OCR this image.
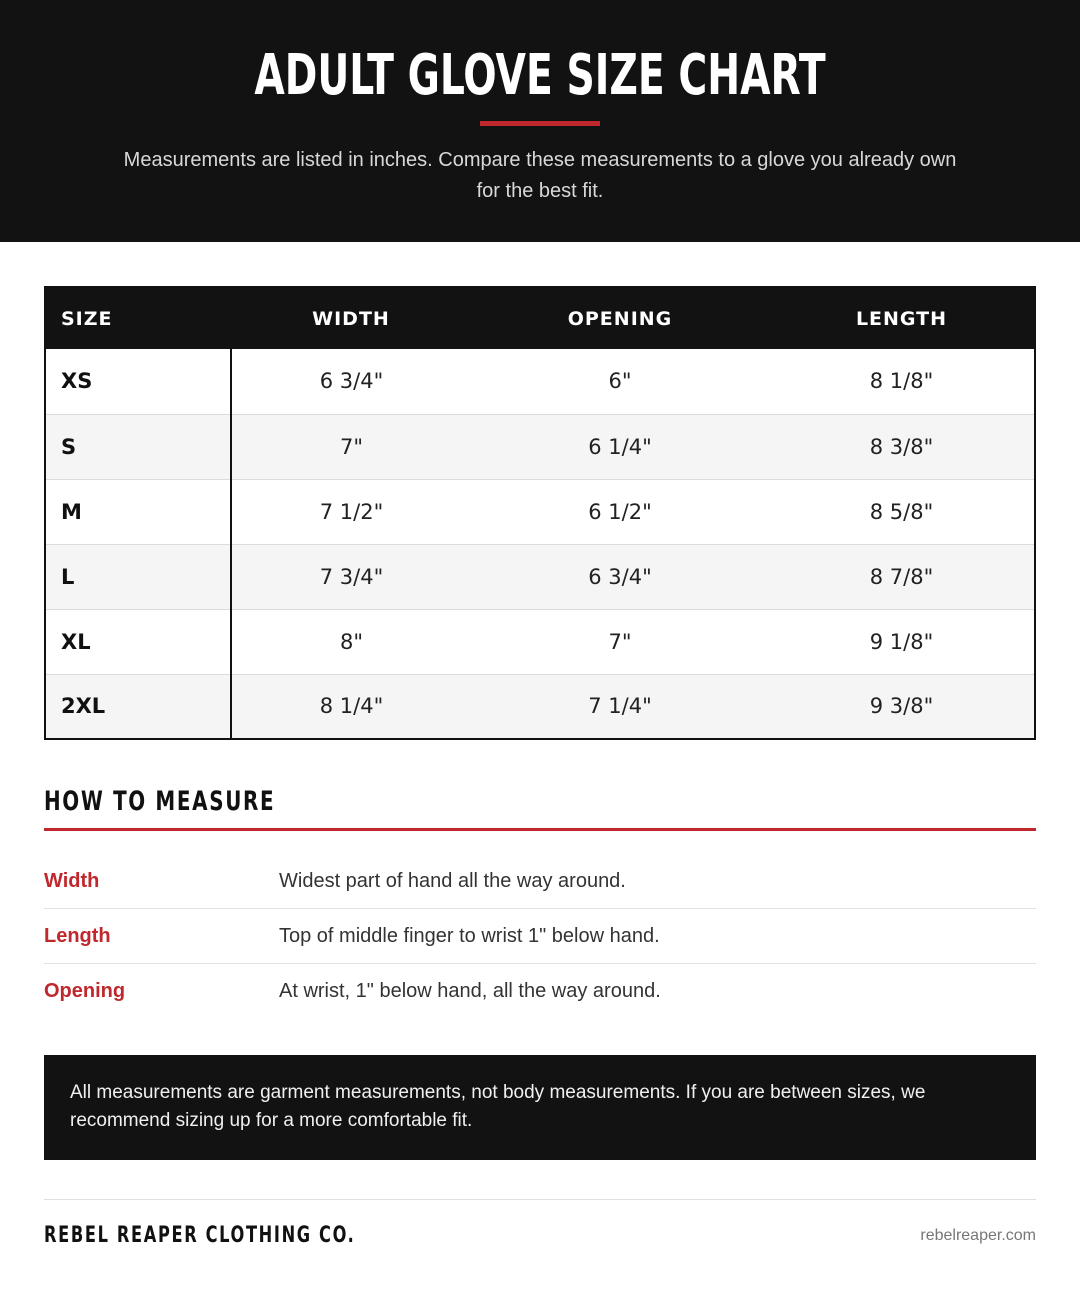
ADULT GLOVE SIZE CHART

Measurements are listed in inches. Compare these measurements to a glove you already own for the best fit.

SIZE	WIDTH	OPENING	LENGTH
XS	6 3/4"	6"	8 1/8"
S	7"	6 1/4"	8 3/8"
M	7 1/2"	6 1/2"	8 5/8"
L	7 3/4"	6 3/4"	8 7/8"
XL	8"	7"	9 1/8"
2XL	8 1/4"	7 1/4"	9 3/8"
HOW TO MEASURE
Width	Widest part of hand all the way around.
Length	Top of middle finger to wrist 1" below hand.
Opening	At wrist, 1" below hand, all the way around.

All measurements are garment measurements, not body measurements. If you are between sizes, we recommend sizing up for a more comfortable fit.

REBEL REAPER CLOTHING CO.	rebelreaper.com
